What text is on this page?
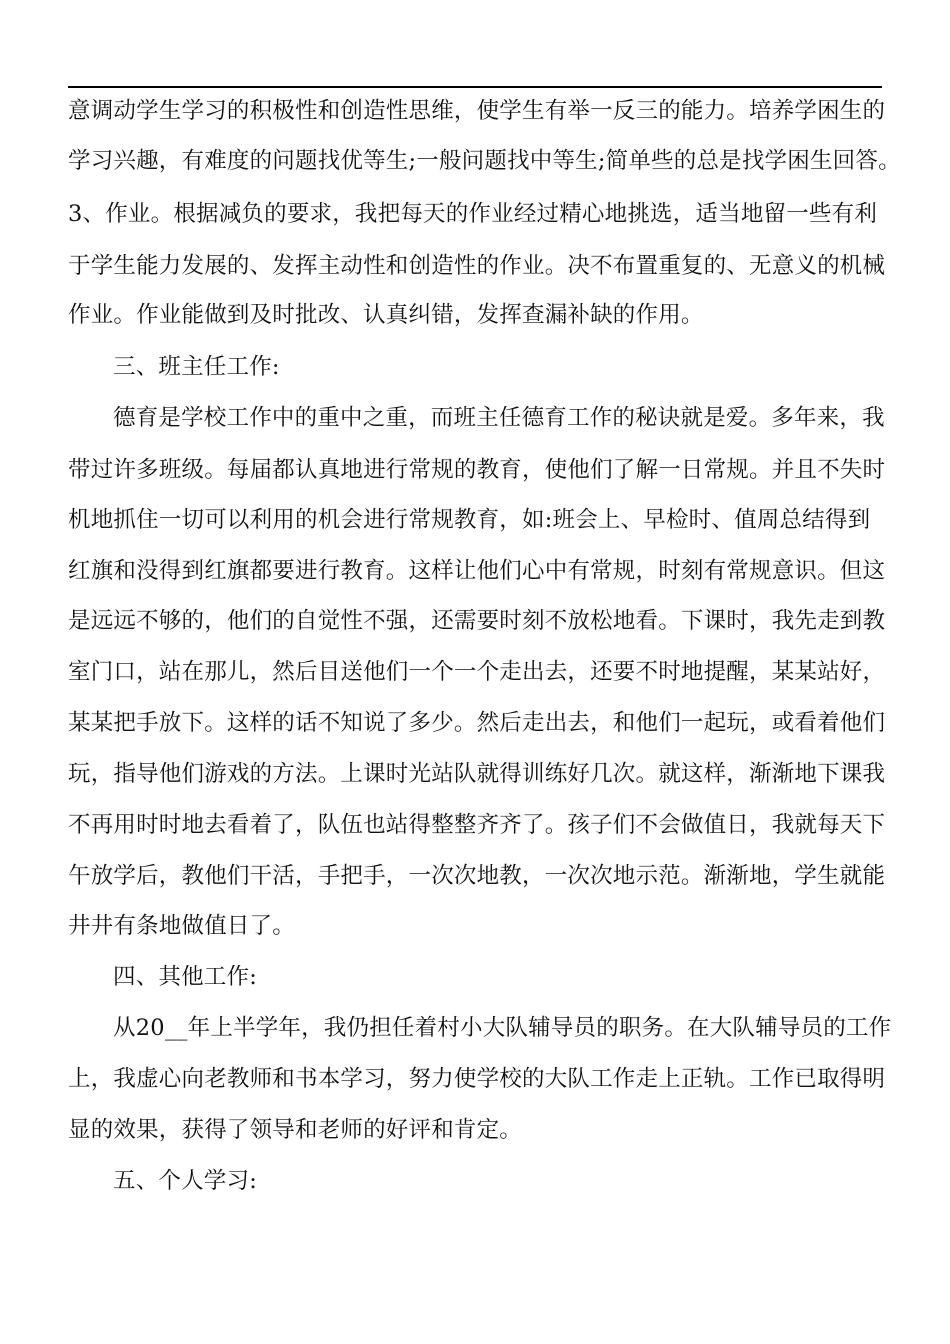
意调动学生学习的积极性和创造性思维，使学生有举一反三的能力。培养学困生的
学习兴趣，有难度的问题找优等生;一般问题找中等生;简单些的总是找学困生回答。
3、作业。根据减负的要求，我把每天的作业经过精心地挑选，适当地留一些有利
于学生能力发展的、发挥主动性和创造性的作业。决不布置重复的、无意义的机械
作业。作业能做到及时批改、认真纠错，发挥查漏补缺的作用。
三、班主任工作:
德育是学校工作中的重中之重，而班主任德育工作的秘诀就是爱。多年来，我
带过许多班级。每届都认真地进行常规的教育，使他们了解一日常规。并且不失时
机地抓住一切可以利用的机会进行常规教育，如:班会上、早检时、值周总结得到
红旗和没得到红旗都要进行教育。这样让他们心中有常规，时刻有常规意识。但这
是远远不够的，他们的自觉性不强，还需要时刻不放松地看。下课时，我先走到教
室门口，站在那儿，然后目送他们一个一个走出去，还要不时地提醒，某某站好，
某某把手放下。这样的话不知说了多少。然后走出去，和他们一起玩，或看着他们
玩，指导他们游戏的方法。上课时光站队就得训练好几次。就这样，渐渐地下课我
不再用时时地去看着了，队伍也站得整整齐齐了。孩子们不会做值日，我就每天下
午放学后，教他们干活，手把手，一次次地教，一次次地示范。渐渐地，学生就能
井井有条地做值日了。
四、其他工作:
从20__年上半学年，我仍担任着村小大队辅导员的职务。在大队辅导员的工作
上，我虚心向老教师和书本学习，努力使学校的大队工作走上正轨。工作已取得明
显的效果，获得了领导和老师的好评和肯定。
五、个人学习:
